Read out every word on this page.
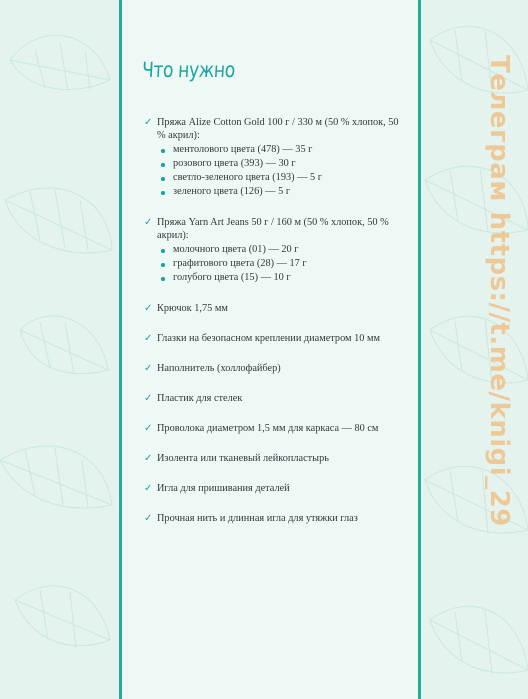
Что нужно
✓ Пряжа Alize Cotton Gold 100 г / 330 м (50 % хлопок, 50 % акрил):
ментолового цвета (478) — 35 г
розового цвета (393) — 30 г
светло-зеленого цвета (193) — 5 г
зеленого цвета (126) — 5 г
✓ Пряжа Yarn Art Jeans 50 г / 160 м (50 % хлопок, 50 % акрил):
молочного цвета (01) — 20 г
графитового цвета (28) — 17 г
голубого цвета (15) — 10 г
✓ Крючок 1,75 мм
✓ Глазки на безопасном креплении диаметром 10 мм
✓ Наполнитель (холлофайбер)
✓ Пластик для стелек
✓ Проволока диаметром 1,5 мм для каркаса — 80 см
✓ Изолента или тканевый лейкопластырь
✓ Игла для пришивания деталей
✓ Прочная нить и длинная игла для утяжки глаз	Телеграм https://t.me/knigi_29
